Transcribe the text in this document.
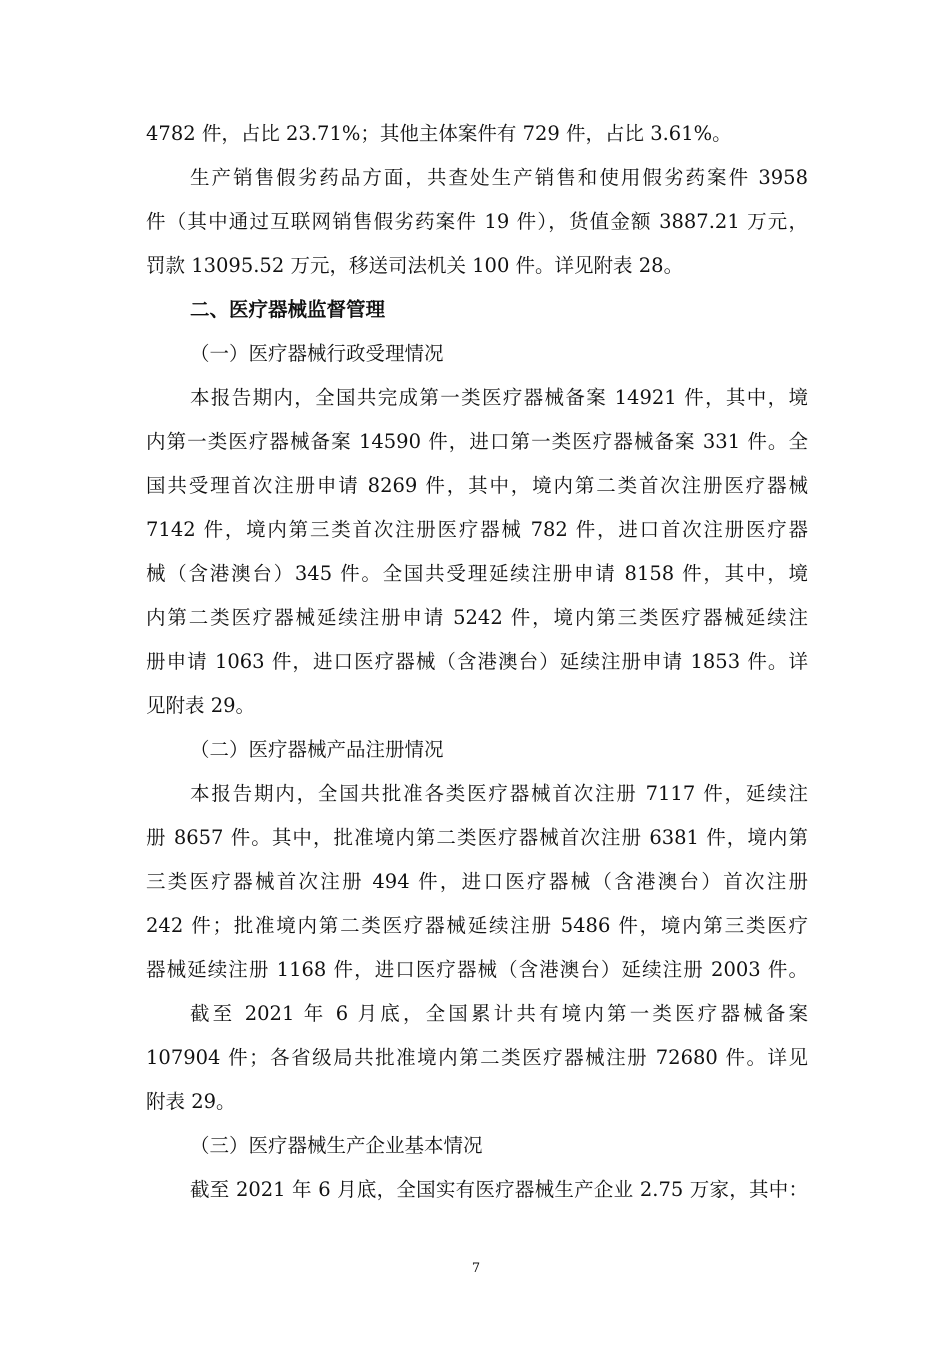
4782 件，占比 23.71%；其他主体案件有 729 件，占比 3.61%。
生产销售假劣药品方面，共查处生产销售和使用假劣药案件 3958
件（其中通过互联网销售假劣药案件 19 件），货值金额 3887.21 万元，
罚款 13095.52 万元，移送司法机关 100 件。详见附表 28。
二、医疗器械监督管理
（一）医疗器械行政受理情况
本报告期内，全国共完成第一类医疗器械备案 14921 件，其中，境
内第一类医疗器械备案 14590 件，进口第一类医疗器械备案 331 件。全
国共受理首次注册申请 8269 件，其中，境内第二类首次注册医疗器械
7142 件，境内第三类首次注册医疗器械 782 件，进口首次注册医疗器
械（含港澳台）345 件。全国共受理延续注册申请 8158 件，其中，境
内第二类医疗器械延续注册申请 5242 件，境内第三类医疗器械延续注
册申请 1063 件，进口医疗器械（含港澳台）延续注册申请 1853 件。详
见附表 29。
（二）医疗器械产品注册情况
本报告期内，全国共批准各类医疗器械首次注册 7117 件，延续注
册 8657 件。其中，批准境内第二类医疗器械首次注册 6381 件，境内第
三类医疗器械首次注册 494 件，进口医疗器械（含港澳台）首次注册
242 件；批准境内第二类医疗器械延续注册 5486 件，境内第三类医疗
器械延续注册 1168 件，进口医疗器械（含港澳台）延续注册 2003 件。
截至 2021 年 6 月底，全国累计共有境内第一类医疗器械备案
107904 件；各省级局共批准境内第二类医疗器械注册 72680 件。详见
附表 29。
（三）医疗器械生产企业基本情况
截至 2021 年 6 月底，全国实有医疗器械生产企业 2.75 万家，其中：
7
